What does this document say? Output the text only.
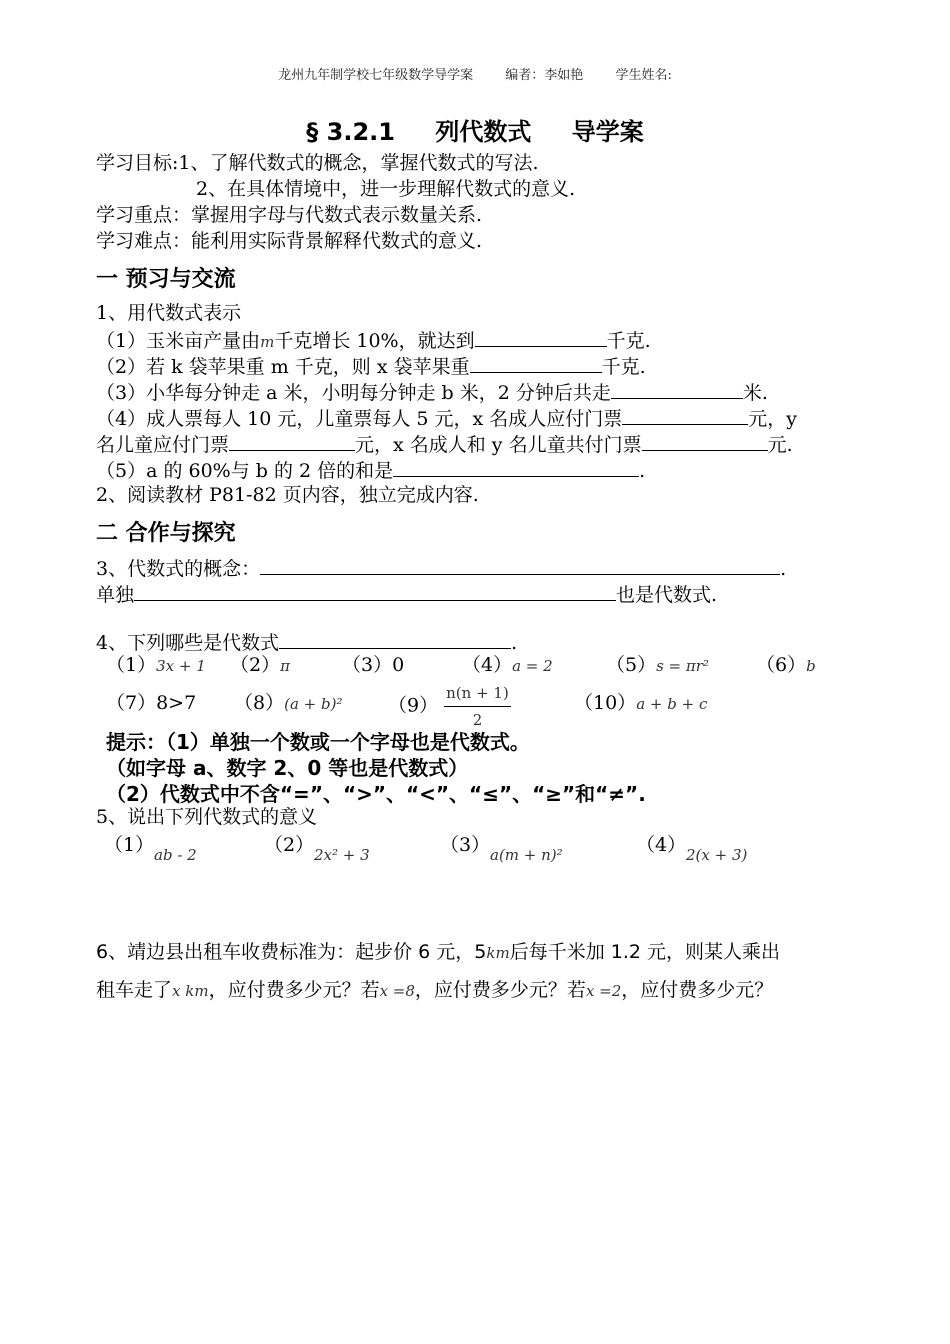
龙州九年制学校七年级数学导学案 编者：李如艳 学生姓名:
§ 3.2.1 列代数式 导学案
学习目标:1、了解代数式的概念，掌握代数式的写法.
2、在具体情境中，进一步理解代数式的意义.
学习重点：掌握用字母与代数式表示数量关系.
学习难点：能利用实际背景解释代数式的意义.
一 预习与交流
1、用代数式表示
（1）玉米亩产量由m千克增长 10%，就达到	千克.
（2）若 k 袋苹果重 m 千克，则 x 袋苹果重	千克.
（3）小华每分钟走 a 米，小明每分钟走 b 米，2 分钟后共走	米.
（4）成人票每人 10 元，儿童票每人 5 元，x 名成人应付门票	元，y
名儿童应付门票	元，x 名成人和 y 名儿童共付门票	元.
（5）a 的 60%与 b 的 2 倍的和是	.
2、阅读教材 P81-82 页内容，独立完成内容.
二 合作与探究
3、代数式的概念：	.
单独	也是代数式.
4、下列哪些是代数式	.
（1）3x + 1 （2）π	（3）0	（4）a = 2	（5）s = πr² （6）b
（7）8>7 （8）(a + b)² $(9) \frac{n(n + 1)}{2}$	（10）a + b + c
提示：（1）单独一个数或一个字母也是代数式。
（如字母 a、数字 2、0 等也是代数式）
（2）代数式中不含“=”、“>”、“<”、“≤”、“≥”和“≠”.
5、说出下列代数式的意义
（1） ab - 2	（2） 2x² + 3	（3） a(m + n)²	（4） 2(x + 3)
6、靖边县出租车收费标准为：起步价 6 元，5km后每千米加 1.2 元，则某人乘出
租车走了x km，应付费多少元？若x =8，应付费多少元？若x =2，应付费多少元？
